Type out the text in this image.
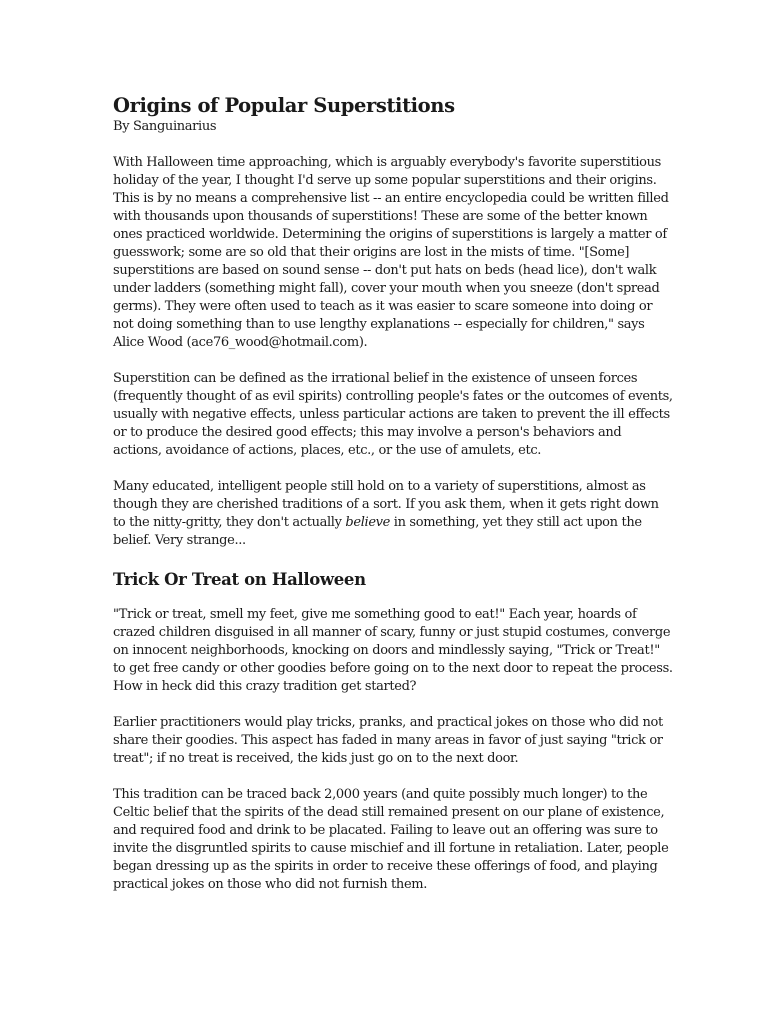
Origins of Popular Superstitions
By Sanguinarius

With Halloween time approaching, which is arguably everybody's favorite superstitious holiday of the year, I thought I'd serve up some popular superstitions and their origins. This is by no means a comprehensive list -- an entire encyclopedia could be written filled with thousands upon thousands of superstitions! These are some of the better known ones practiced worldwide. Determining the origins of superstitions is largely a matter of guesswork; some are so old that their origins are lost in the mists of time. "[Some] superstitions are based on sound sense -- don't put hats on beds (head lice), don't walk under ladders (something might fall), cover your mouth when you sneeze (don't spread germs). They were often used to teach as it was easier to scare someone into doing or not doing something than to use lengthy explanations -- especially for children," says Alice Wood (ace76_wood@hotmail.com).

Superstition can be defined as the irrational belief in the existence of unseen forces (frequently thought of as evil spirits) controlling people's fates or the outcomes of events, usually with negative effects, unless particular actions are taken to prevent the ill effects or to produce the desired good effects; this may involve a person's behaviors and actions, avoidance of actions, places, etc., or the use of amulets, etc.

Many educated, intelligent people still hold on to a variety of superstitions, almost as though they are cherished traditions of a sort. If you ask them, when it gets right down to the nitty-gritty, they don't actually believe in something, yet they still act upon the belief. Very strange...

Trick Or Treat on Halloween

"Trick or treat, smell my feet, give me something good to eat!" Each year, hoards of crazed children disguised in all manner of scary, funny or just stupid costumes, converge on innocent neighborhoods, knocking on doors and mindlessly saying, "Trick or Treat!" to get free candy or other goodies before going on to the next door to repeat the process. How in heck did this crazy tradition get started?

Earlier practitioners would play tricks, pranks, and practical jokes on those who did not share their goodies. This aspect has faded in many areas in favor of just saying "trick or treat"; if no treat is received, the kids just go on to the next door.

This tradition can be traced back 2,000 years (and quite possibly much longer) to the Celtic belief that the spirits of the dead still remained present on our plane of existence, and required food and drink to be placated. Failing to leave out an offering was sure to invite the disgruntled spirits to cause mischief and ill fortune in retaliation. Later, people began dressing up as the spirits in order to receive these offerings of food, and playing practical jokes on those who did not furnish them.
